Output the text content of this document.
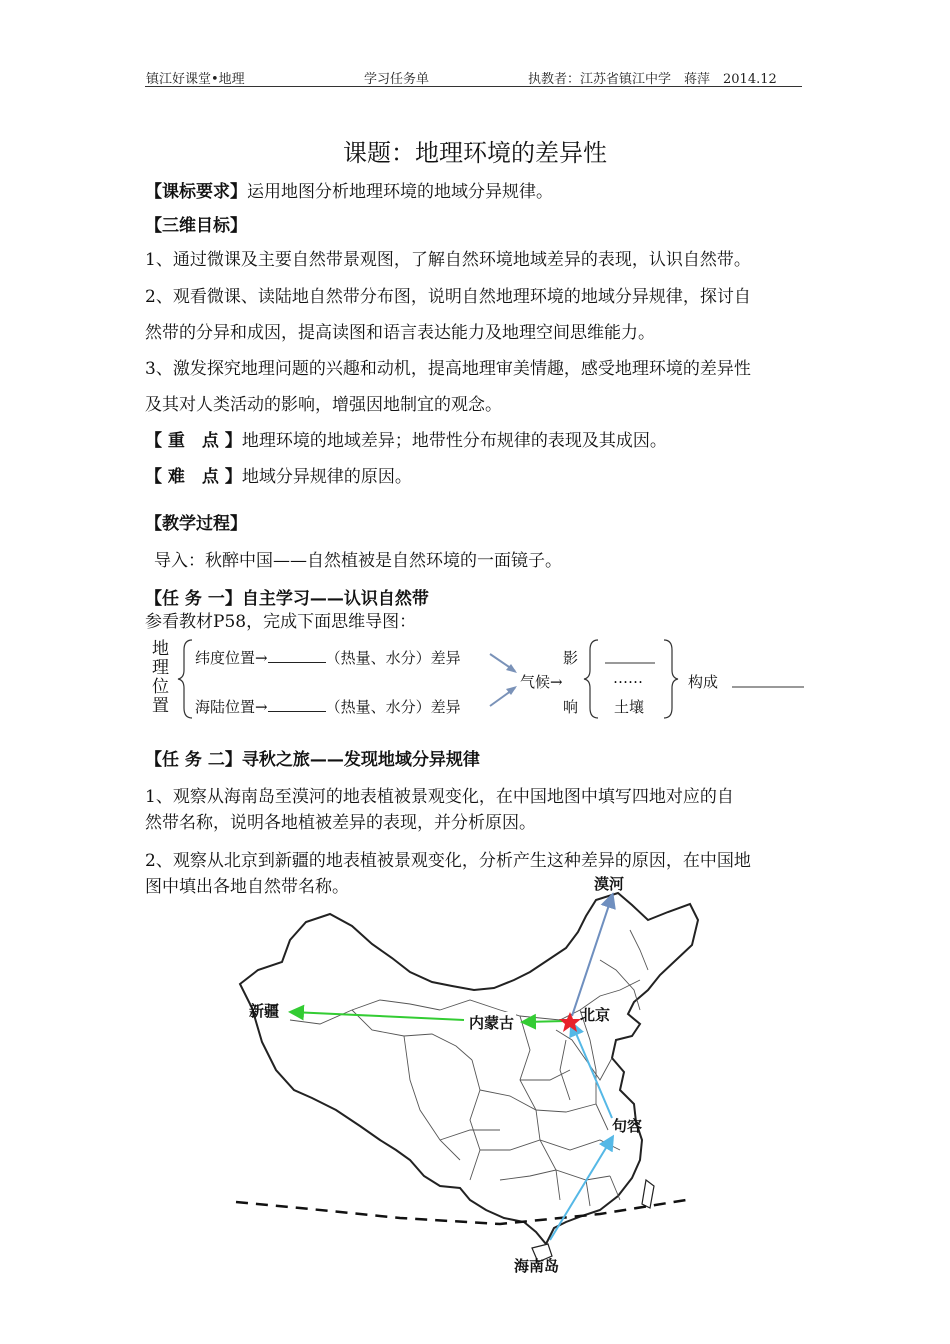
镇江好课堂•地理	学习任务单	执教者：江苏省镇江中学　蒋萍　2014.12
课题：地理环境的差异性
【课标要求】运用地图分析地理环境的地域分异规律。
【三维目标】
1、通过微课及主要自然带景观图，了解自然环境地域差异的表现，认识自然带。
2、观看微课、读陆地自然带分布图，说明自然地理环境的地域分异规律，探讨自
然带的分异和成因，提高读图和语言表达能力及地理空间思维能力。
3、激发探究地理问题的兴趣和动机，提高地理审美情趣，感受地理环境的差异性
及其对人类活动的影响，增强因地制宜的观念。
【 重　点 】地理环境的地域差异；地带性分布规律的表现及其成因。
【 难　点 】地域分异规律的原因。
【教学过程】
导入：秋醉中国——自然植被是自然环境的一面镜子。
【任 务 一】自主学习——认识自然带
参看教材P58，完成下面思维导图：
地
理
位
置
纬度位置→	（热量、水分）差异
海陆位置→	（热量、水分）差异
气候→
影
响
……
土壤
构成
【任 务 二】寻秋之旅——发现地域分异规律
1、观察从海南岛至漠河的地表植被景观变化，在中国地图中填写四地对应的自
然带名称，说明各地植被差异的表现，并分析原因。
2、观察从北京到新疆的地表植被景观变化，分析产生这种差异的原因，在中国地
图中填出各地自然带名称。	漠河
新疆
内蒙古	北京
句容
海南岛
